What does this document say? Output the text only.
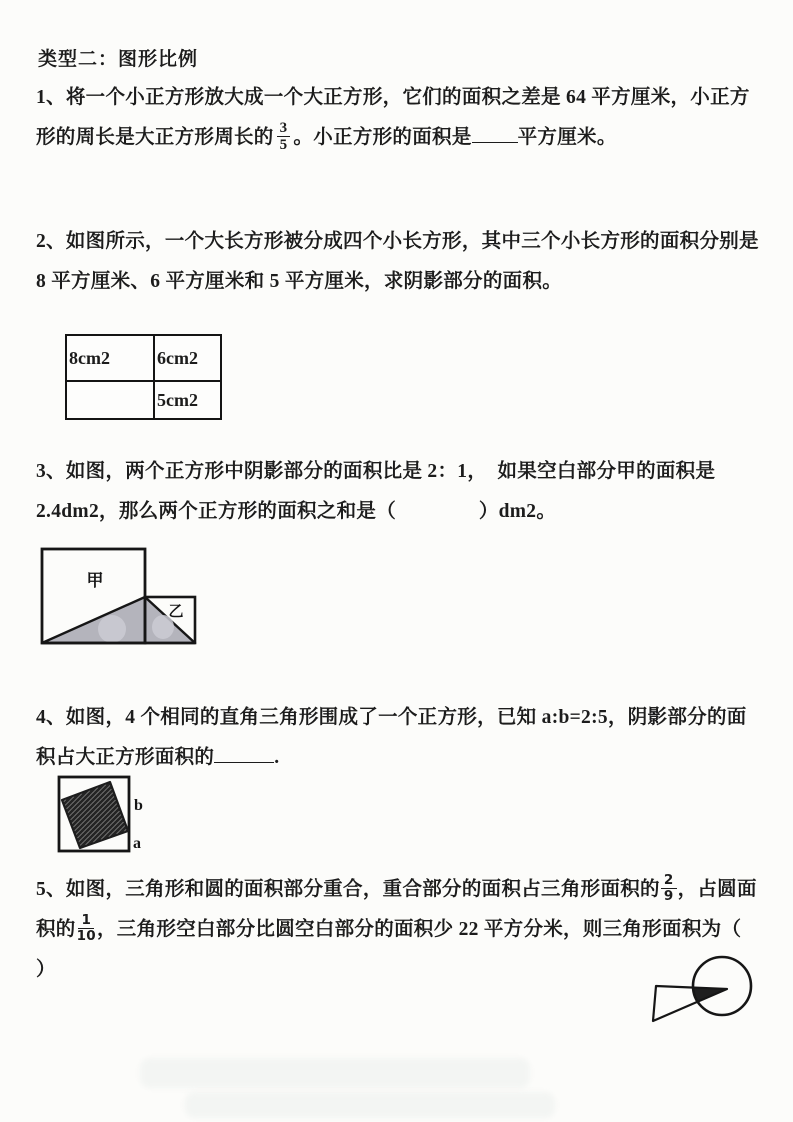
类型二：图形比例

1、将一个小正方形放大成一个大正方形，它们的面积之差是 64 平方厘米，小正方形的周长是大正方形周长的 $\frac{3}{5}$ 。小正方形的面积是 平方厘米。

2、如图所示，一个大长方形被分成四个小长方形，其中三个小长方形的面积分别是 8 平方厘米、6 平方厘米和 5 平方厘米，求阴影部分的面积。

8cm2	6cm2
5cm2

3、如图，两个正方形中阴影部分的面积比是 2：1，  如果空白部分甲的面积是 2.4dm2，那么两个正方形的面积之和是（                ）dm2。

甲
乙

4、如图，4 个相同的直角三角形围成了一个正方形，已知 a:b=2:5，阴影部分的面积占大正方形面积的	.

b
a

5、如图，三角形和圆的面积部分重合，重合部分的面积占三角形面积的 $\frac{2}{9}$ ，占圆面积的 $\frac{1}{10}$ ，三角形空白部分比圆空白部分的面积少 22 平方分米，则三角形面积为（      ）
